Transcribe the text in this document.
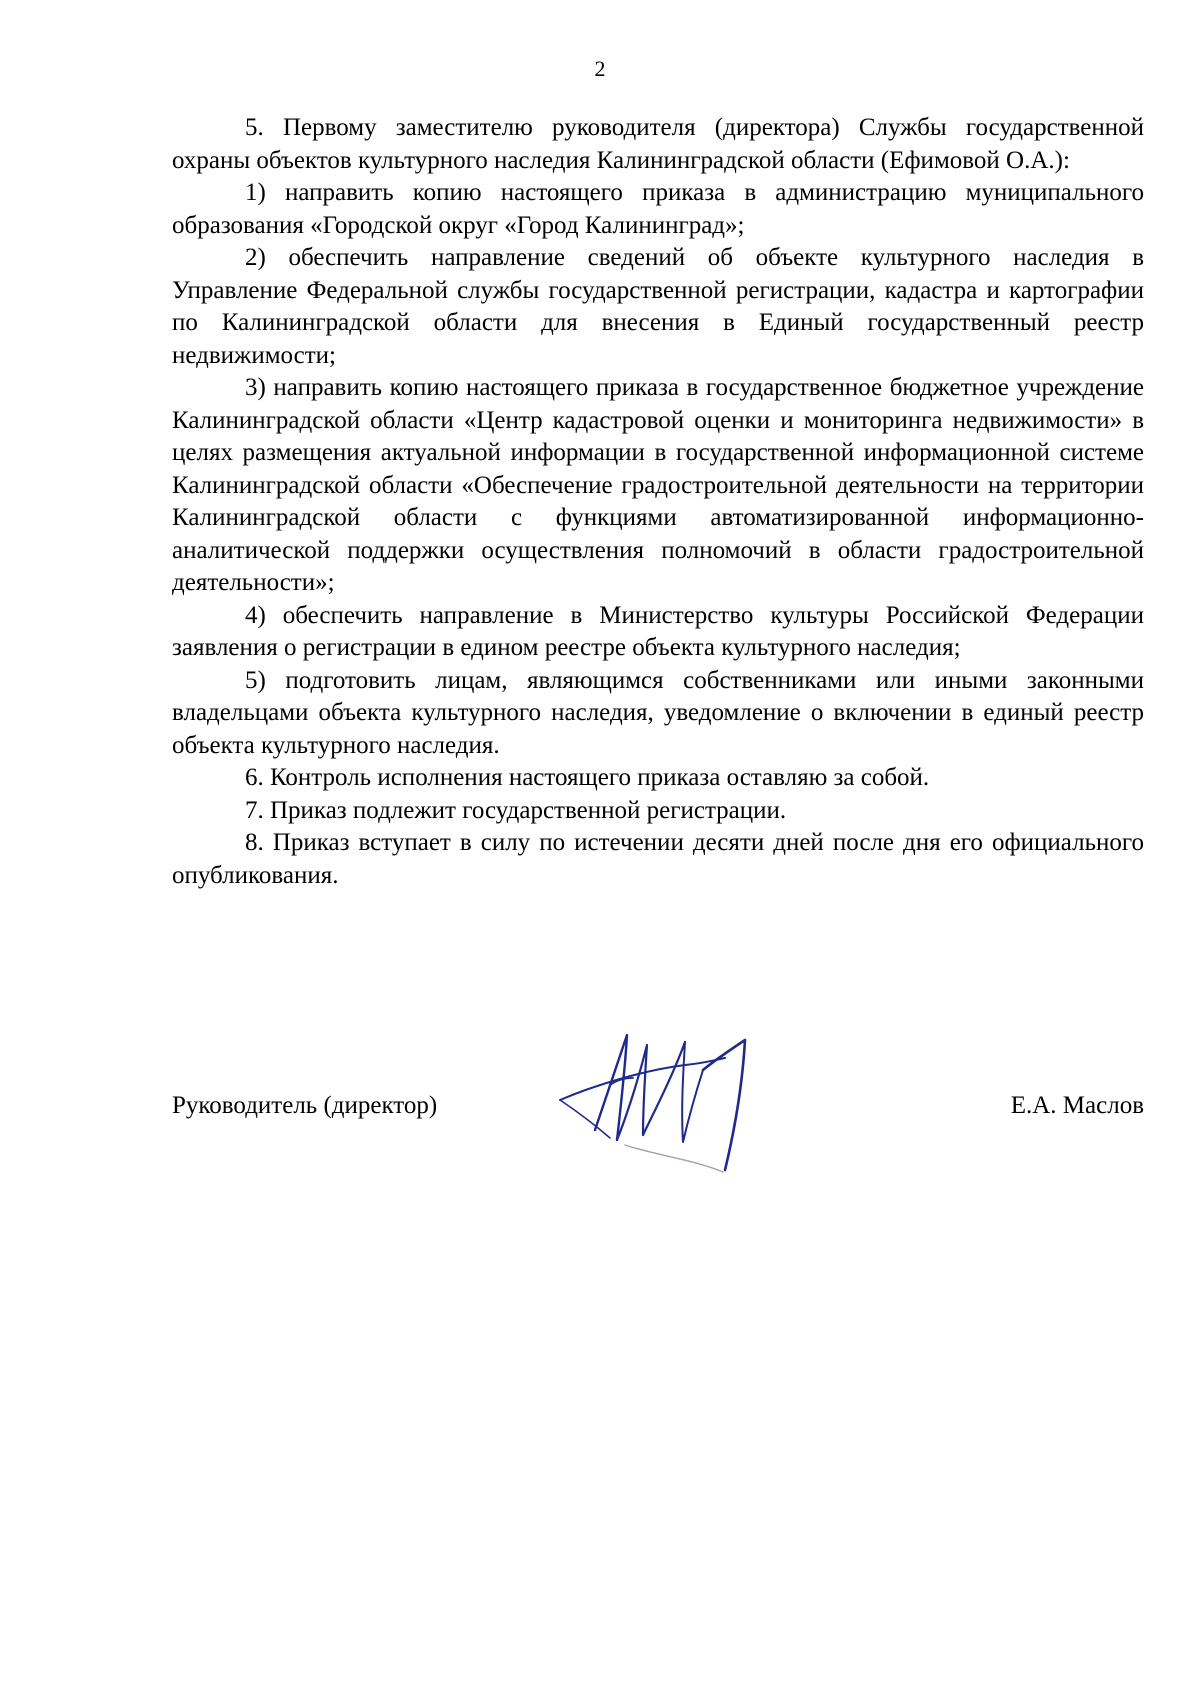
2

5. Первому заместителю руководителя (директора) Службы государственной охраны объектов культурного наследия Калининградской области (Ефимовой О.А.):

1) направить копию настоящего приказа в администрацию муниципального образования «Городской округ «Город Калининград»;

2) обеспечить направление сведений об объекте культурного наследия в Управление Федеральной службы государственной регистрации, кадастра и картографии по Калининградской области для внесения в Единый государственный реестр недвижимости;

3) направить копию настоящего приказа в государственное бюджетное учреждение Калининградской области «Центр кадастровой оценки и мониторинга недвижимости» в целях размещения актуальной информации в государственной информационной системе Калининградской области «Обеспечение градостроительной деятельности на территории Калининградской области с функциями автоматизированной информационно-аналитической поддержки осуществления полномочий в области градостроительной деятельности»;

4) обеспечить направление в Министерство культуры Российской Федерации заявления о регистрации в едином реестре объекта культурного наследия;

5) подготовить лицам, являющимся собственниками или иными законными владельцами объекта культурного наследия, уведомление о включении в единый реестр объекта культурного наследия.

6. Контроль исполнения настоящего приказа оставляю за собой.

7. Приказ подлежит государственной регистрации.

8. Приказ вступает в силу по истечении десяти дней после дня его официального опубликования.

Руководитель (директор)	Е.А. Маслов
